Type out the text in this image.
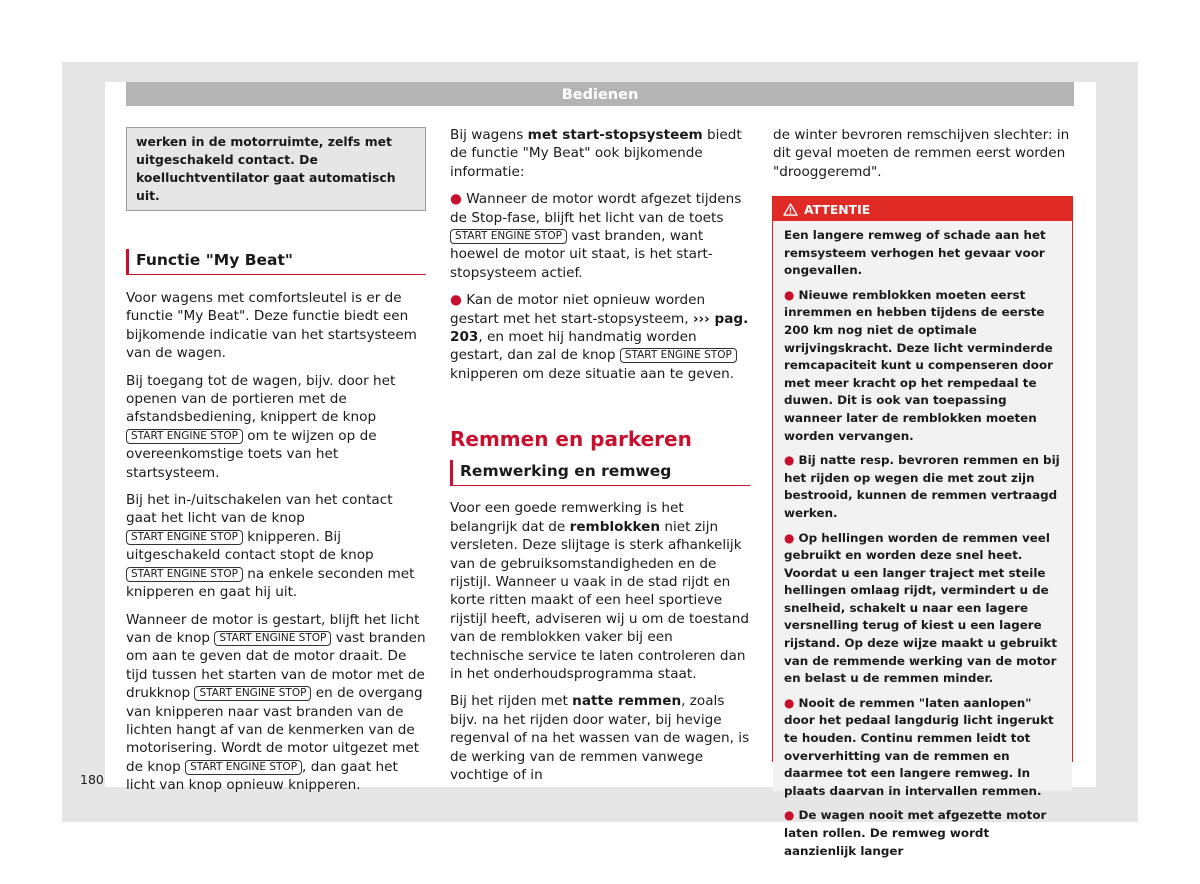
Bedienen
werken in de motorruimte, zelfs met uitgeschakeld contact. De koelluchtventilator gaat automatisch uit.
Functie "My Beat"

Voor wagens met comfortsleutel is er de functie "My Beat". Deze functie biedt een bijkomende indicatie van het startsysteem van de wagen.

Bij toegang tot de wagen, bijv. door het openen van de portieren met de afstandsbediening, knippert de knop START ENGINE STOP om te wijzen op de overeenkomstige toets van het startsysteem.

Bij het in-/uitschakelen van het contact gaat het licht van de knop START ENGINE STOP knipperen. Bij uitgeschakeld contact stopt de knop START ENGINE STOP na enkele seconden met knipperen en gaat hij uit.

Wanneer de motor is gestart, blijft het licht van de knop START ENGINE STOP vast branden om aan te geven dat de motor draait. De tijd tussen het starten van de motor met de drukknop START ENGINE STOP en de overgang van knipperen naar vast branden van de lichten hangt af van de kenmerken van de motorisering. Wordt de motor uitgezet met de knop START ENGINE STOP , dan gaat het licht van knop opnieuw knipperen.

Bij wagens met start-stopsysteem biedt de functie "My Beat" ook bijkomende informatie:

● Wanneer de motor wordt afgezet tijdens de Stop-fase, blijft het licht van de toets START ENGINE STOP vast branden, want hoewel de motor uit staat, is het start-stopsysteem actief.

● Kan de motor niet opnieuw worden gestart met het start-stopsysteem, ››› pag. 203, en moet hij handmatig worden gestart, dan zal de knop START ENGINE STOP knipperen om deze situatie aan te geven.

Remmen en parkeren
Remwerking en remweg

Voor een goede remwerking is het belangrijk dat de remblokken niet zijn versleten. Deze slijtage is sterk afhankelijk van de gebruiksomstandigheden en de rijstijl. Wanneer u vaak in de stad rijdt en korte ritten maakt of een heel sportieve rijstijl heeft, adviseren wij u om de toestand van de remblokken vaker bij een technische service te laten controleren dan in het onderhoudsprogramma staat.

Bij het rijden met natte remmen, zoals bijv. na het rijden door water, bij hevige regenval of na het wassen van de wagen, is de werking van de remmen vanwege vochtige of in

de winter bevroren remschijven slechter: in dit geval moeten de remmen eerst worden "drooggeremd".

ATTENTIE

Een langere remweg of schade aan het remsysteem verhogen het gevaar voor ongevallen.

● Nieuwe remblokken moeten eerst inremmen en hebben tijdens de eerste 200 km nog niet de optimale wrijvingskracht. Deze licht verminderde remcapaciteit kunt u compenseren door met meer kracht op het rempedaal te duwen. Dit is ook van toepassing wanneer later de remblokken moeten worden vervangen.

● Bij natte resp. bevroren remmen en bij het rijden op wegen die met zout zijn bestrooid, kunnen de remmen vertraagd werken.

● Op hellingen worden de remmen veel gebruikt en worden deze snel heet. Voordat u een langer traject met steile hellingen omlaag rijdt, vermindert u de snelheid, schakelt u naar een lagere versnelling terug of kiest u een lagere rijstand. Op deze wijze maakt u gebruikt van de remmende werking van de motor en belast u de remmen minder.

● Nooit de remmen "laten aanlopen" door het pedaal langdurig licht ingerukt te houden. Continu remmen leidt tot oververhitting van de remmen en daarmee tot een langere remweg. In plaats daarvan in intervallen remmen.

● De wagen nooit met afgezette motor laten rollen. De remweg wordt aanzienlijk langer

180
